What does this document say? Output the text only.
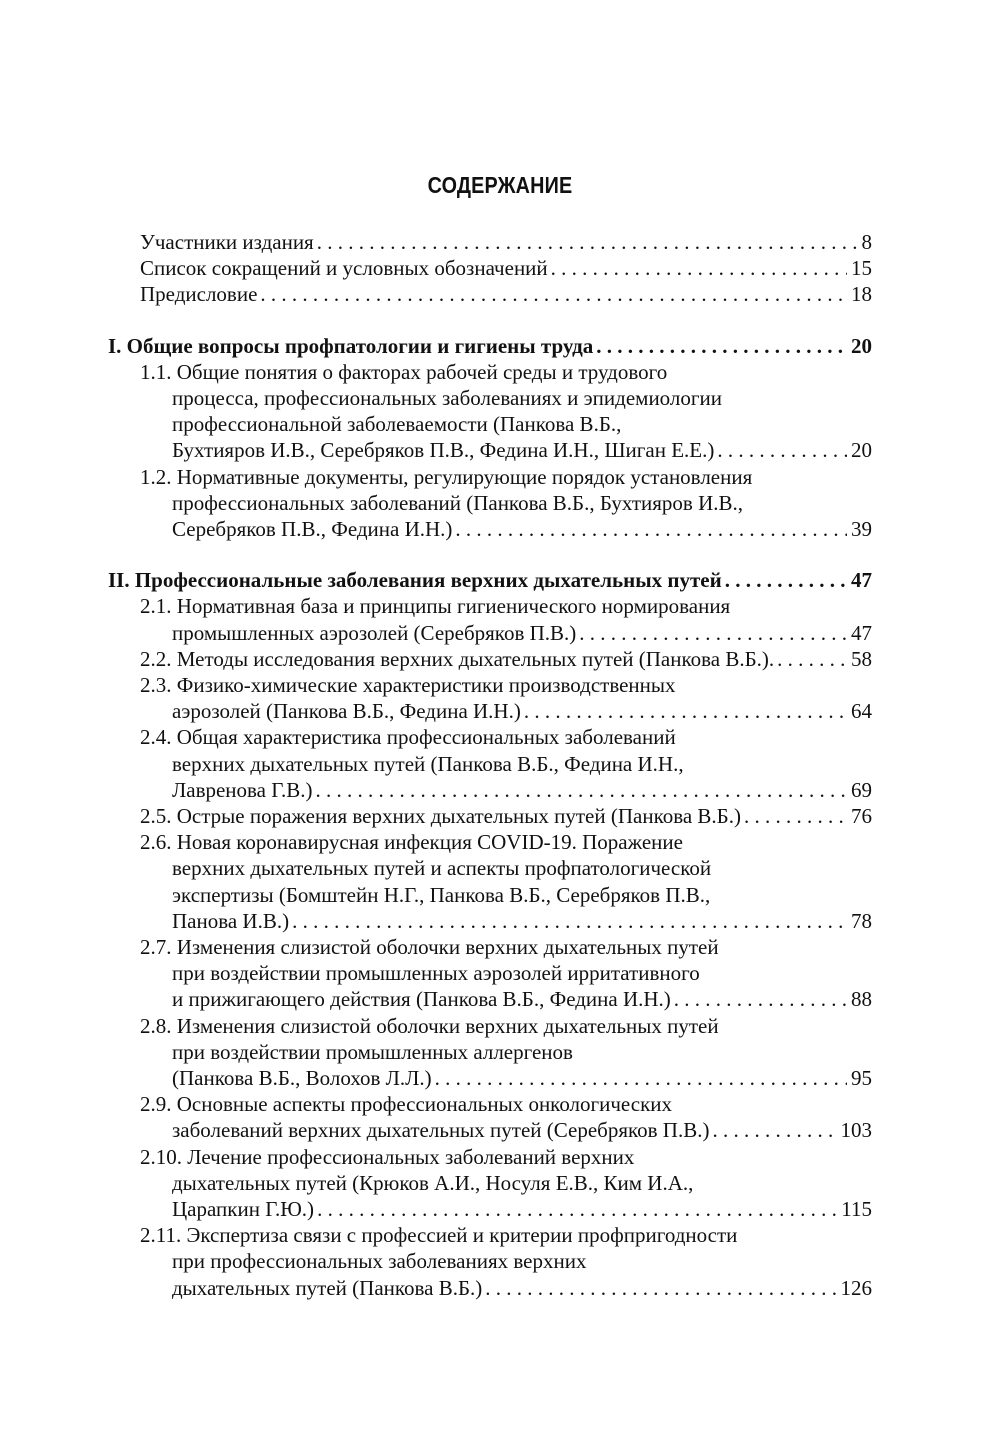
СОДЕРЖАНИЕ
Участники издания . . .	8
Список сокращений и условных обозначений . . .	15
Предисловие . . .	18
I. Общие вопросы профпатологии и гигиены труда . . .	20
1.1. Общие понятия о факторах рабочей среды и трудового
процесса, профессиональных заболеваниях и эпидемиологии
профессиональной заболеваемости (Панкова В.Б.,
Бухтияров И.В., Серебряков П.В., Федина И.Н., Шиган Е.Е.) . . .	20
1.2. Нормативные документы, регулирующие порядок установления
профессиональных заболеваний (Панкова В.Б., Бухтияров И.В.,
Серебряков П.В., Федина И.Н.) . . .	39
II. Профессиональные заболевания верхних дыхательных путей . . .	47
2.1. Нормативная база и принципы гигиенического нормирования
промышленных аэрозолей (Серебряков П.В.) . . .	47
2.2. Методы исследования верхних дыхательных путей (Панкова В.Б.). . . .	58
2.3. Физико-химические характеристики производственных
аэрозолей (Панкова В.Б., Федина И.Н.) . . .	64
2.4. Общая характеристика профессиональных заболеваний
верхних дыхательных путей (Панкова В.Б., Федина И.Н.,
Лавренова Г.В.) . . .	69
2.5. Острые поражения верхних дыхательных путей (Панкова В.Б.) . . .	76
2.6. Новая коронавирусная инфекция COVID-19. Поражение
верхних дыхательных путей и аспекты профпатологической
экспертизы (Бомштейн Н.Г., Панкова В.Б., Серебряков П.В.,
Панова И.В.) . . .	78
2.7. Изменения слизистой оболочки верхних дыхательных путей
при воздействии промышленных аэрозолей ирритативного
и прижигающего действия (Панкова В.Б., Федина И.Н.) . . .	88
2.8. Изменения слизистой оболочки верхних дыхательных путей
при воздействии промышленных аллергенов
(Панкова В.Б., Волохов Л.Л.) . . .	95
2.9. Основные аспекты профессиональных онкологических
заболеваний верхних дыхательных путей (Серебряков П.В.) . . .	103
2.10. Лечение профессиональных заболеваний верхних
дыхательных путей (Крюков А.И., Носуля Е.В., Ким И.А.,
Царапкин Г.Ю.) . . .	115
2.11. Экспертиза связи с профессией и критерии профпригодности
при профессиональных заболеваниях верхних
дыхательных путей (Панкова В.Б.) . . .	126
